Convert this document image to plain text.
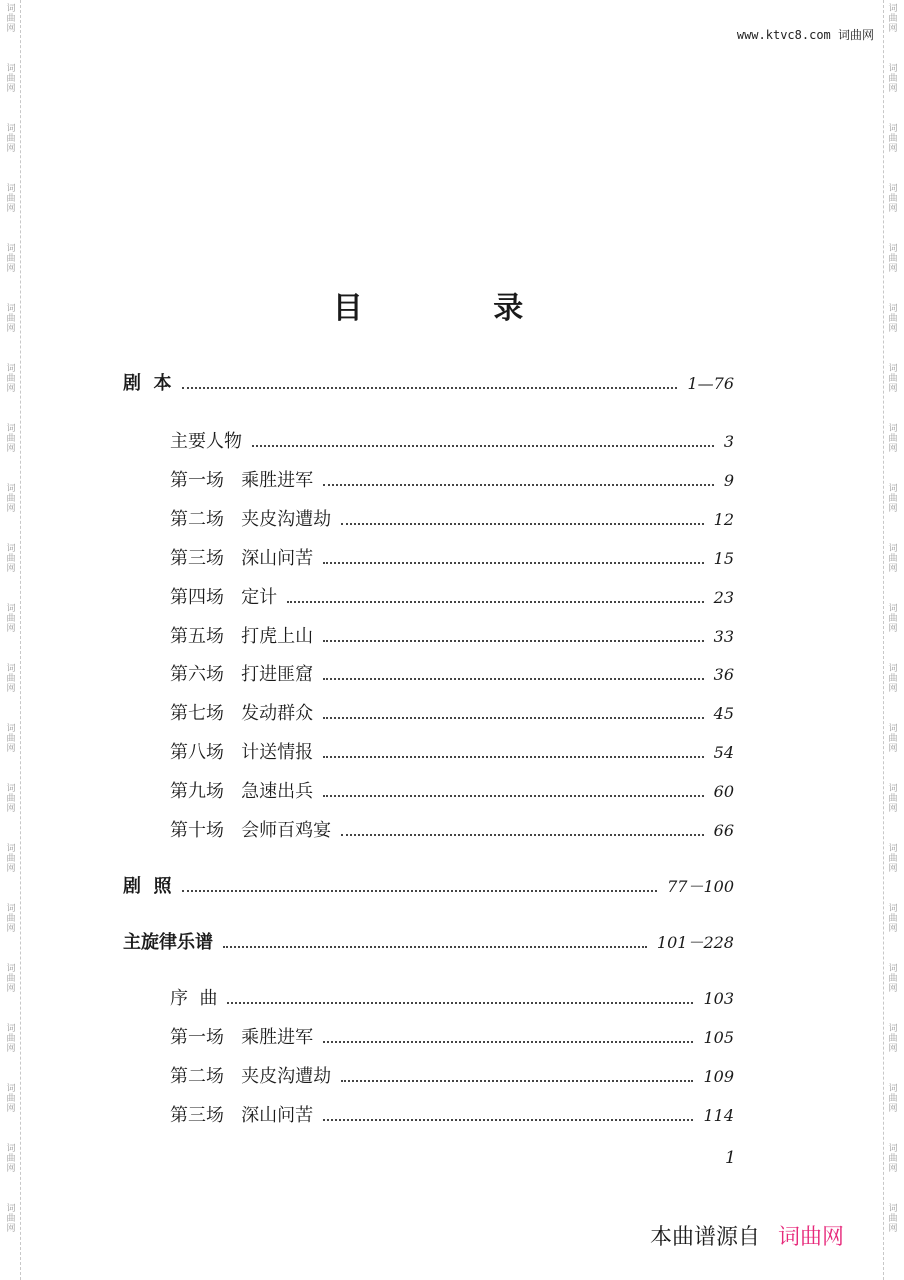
词曲网
词曲网
词曲网
词曲网
词曲网
词曲网
词曲网
词曲网
词曲网
词曲网
词曲网
词曲网
词曲网
词曲网
词曲网
词曲网
词曲网
词曲网
词曲网
词曲网
词曲网
词曲网
词曲网
词曲网
词曲网
词曲网
词曲网
词曲网
词曲网
词曲网
词曲网
词曲网
词曲网
词曲网
词曲网
词曲网
词曲网
词曲网
词曲网
词曲网
词曲网
词曲网
www.ktvc8.com 词曲网
目 录
剧  本	1—76
主要人物	3
第一场   乘胜进军	9
第二场   夹皮沟遭劫	12
第三场   深山问苦	15
第四场   定计	23
第五场   打虎上山	33
第六场   打进匪窟	36
第七场   发动群众	45
第八场   计送情报	54
第九场   急速出兵	60
第十场   会师百鸡宴	66
剧  照	77－100
主旋律乐谱	101－228
序  曲	103
第一场   乘胜进军	105
第二场   夹皮沟遭劫	109
第三场   深山问苦	114
1
本曲谱源自 词曲网
